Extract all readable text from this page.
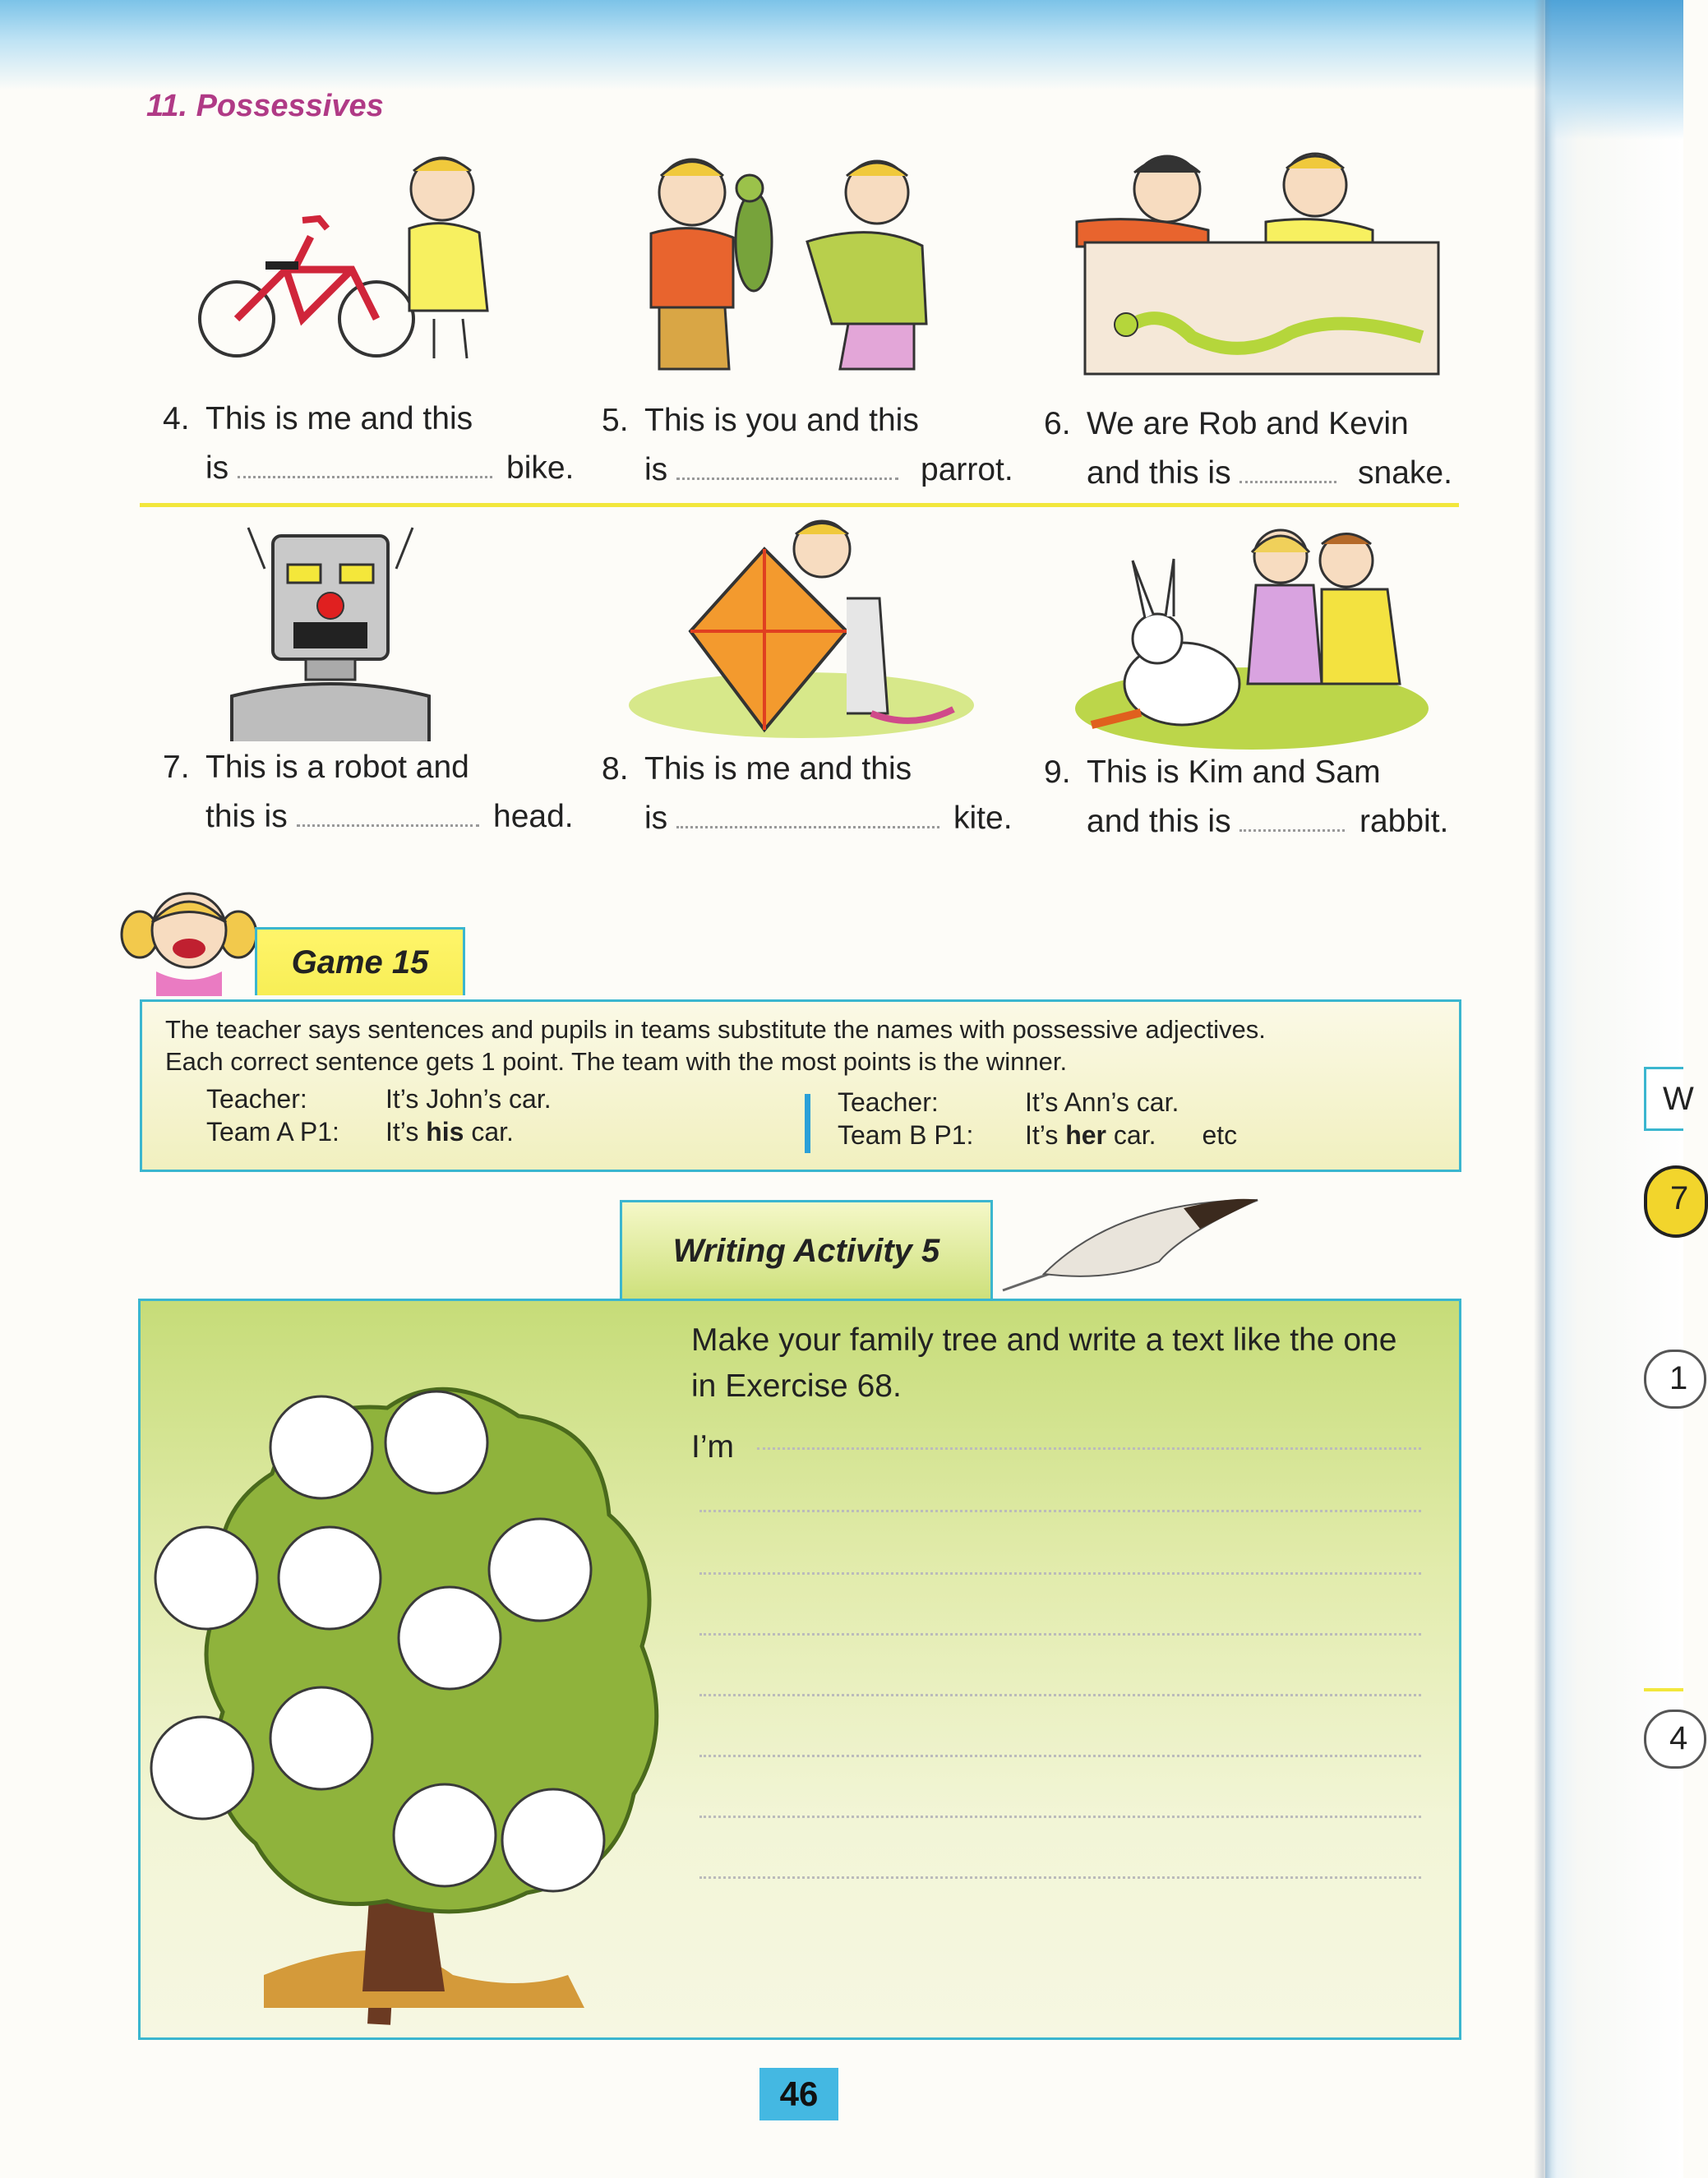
11. Possessives
4. This is me and this
is	bike.
5. This is you and this
is	parrot.
6. We are Rob and Kevin
and this is	snake.
7. This is a robot and
this is	head.
8. This is me and this
is	kite.
9. This is Kim and Sam
and this is	rabbit.
Game 15
The teacher says sentences and pupils in teams substitute the names with possessive adjectives.
Each correct sentence gets 1 point. The team with the most points is the winner.
Teacher:	It’s John’s car.
Team A P1: It’s his car.
Teacher:	It’s Ann’s car.
Team B P1: It’s her car. etc
Writing Activity 5
Make your family tree and write a text like the one in Exercise 68.
I’m
46
W
7
1
4
